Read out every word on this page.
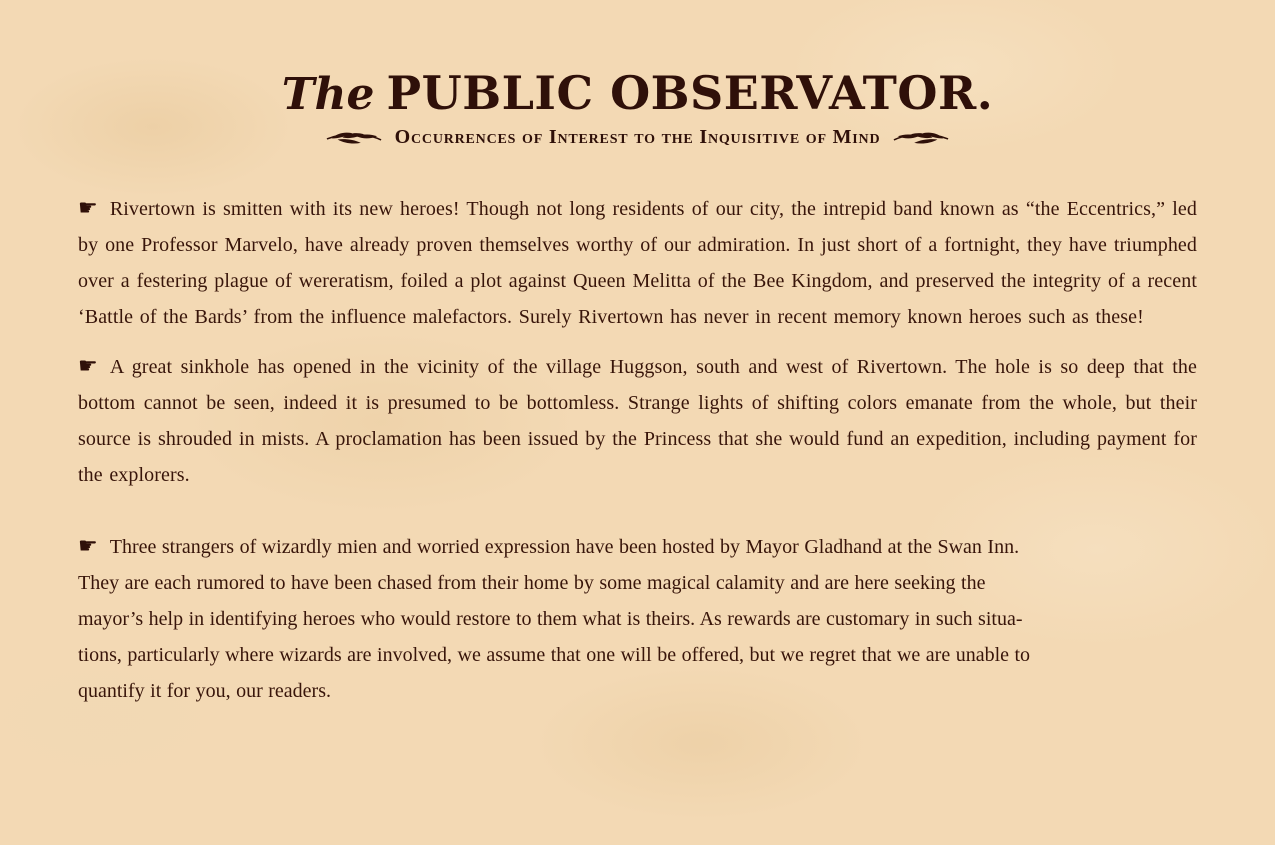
The PUBLIC OBSERVATOR.
Occurrences of Interest to the Inquisitive of Mind

☛ Rivertown is smitten with its new heroes! Though not long residents of our city, the intrepid band known as “the Eccentrics,” led by one Professor Marvelo, have already proven themselves worthy of our admiration. In just short of a fortnight, they have triumphed over a festering plague of wereratism, foiled a plot against Queen Melitta of the Bee Kingdom, and preserved the integrity of a recent ‘Battle of the Bards’ from the influence malefactors. Surely Rivertown has never in recent memory known heroes such as these!

☛ A great sinkhole has opened in the vicinity of the village Huggson, south and west of Rivertown. The hole is so deep that the bottom cannot be seen, indeed it is presumed to be bottomless. Strange lights of shifting colors emanate from the whole, but their source is shrouded in mists. A proclamation has been issued by the Princess that she would fund an expedition, including payment for the explorers.

☛ Three strangers of wizardly mien and worried expression have been hosted by Mayor Gladhand at the Swan Inn.
They are each rumored to have been chased from their home by some magical calamity and are here seeking the
mayor’s help in identifying heroes who would restore to them what is theirs. As rewards are customary in such situa-
tions, particularly where wizards are involved, we assume that one will be offered, but we regret that we are unable to
quantify it for you, our readers.
